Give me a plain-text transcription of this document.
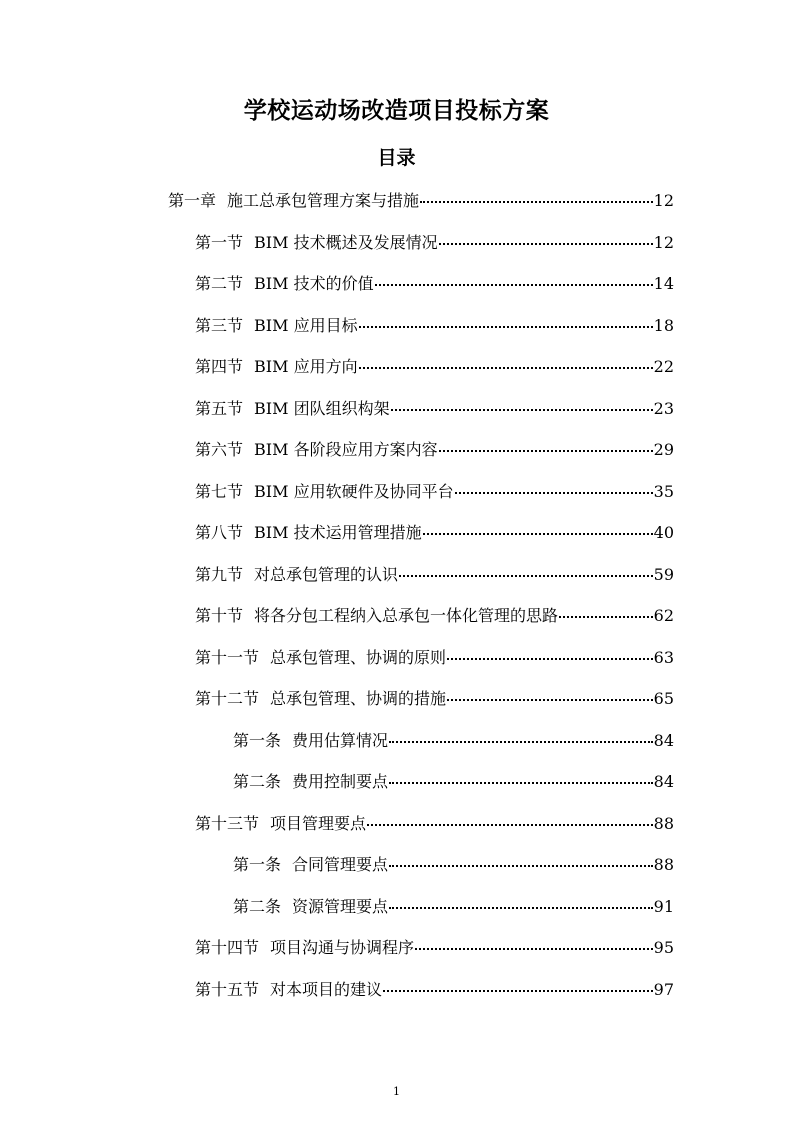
学校运动场改造项目投标方案
目录
第一章 施工总承包管理方案与措施	12
第一节 BIM 技术概述及发展情况	12
第二节 BIM 技术的价值	14
第三节 BIM 应用目标	18
第四节 BIM 应用方向	22
第五节 BIM 团队组织构架	23
第六节 BIM 各阶段应用方案内容	29
第七节 BIM 应用软硬件及协同平台	35
第八节 BIM 技术运用管理措施	40
第九节 对总承包管理的认识	59
第十节 将各分包工程纳入总承包一体化管理的思路	62
第十一节 总承包管理、协调的原则	63
第十二节 总承包管理、协调的措施	65
第一条 费用估算情况	84
第二条 费用控制要点	84
第十三节 项目管理要点	88
第一条 合同管理要点	88
第二条 资源管理要点	91
第十四节 项目沟通与协调程序	95
第十五节 对本项目的建议	97
1
